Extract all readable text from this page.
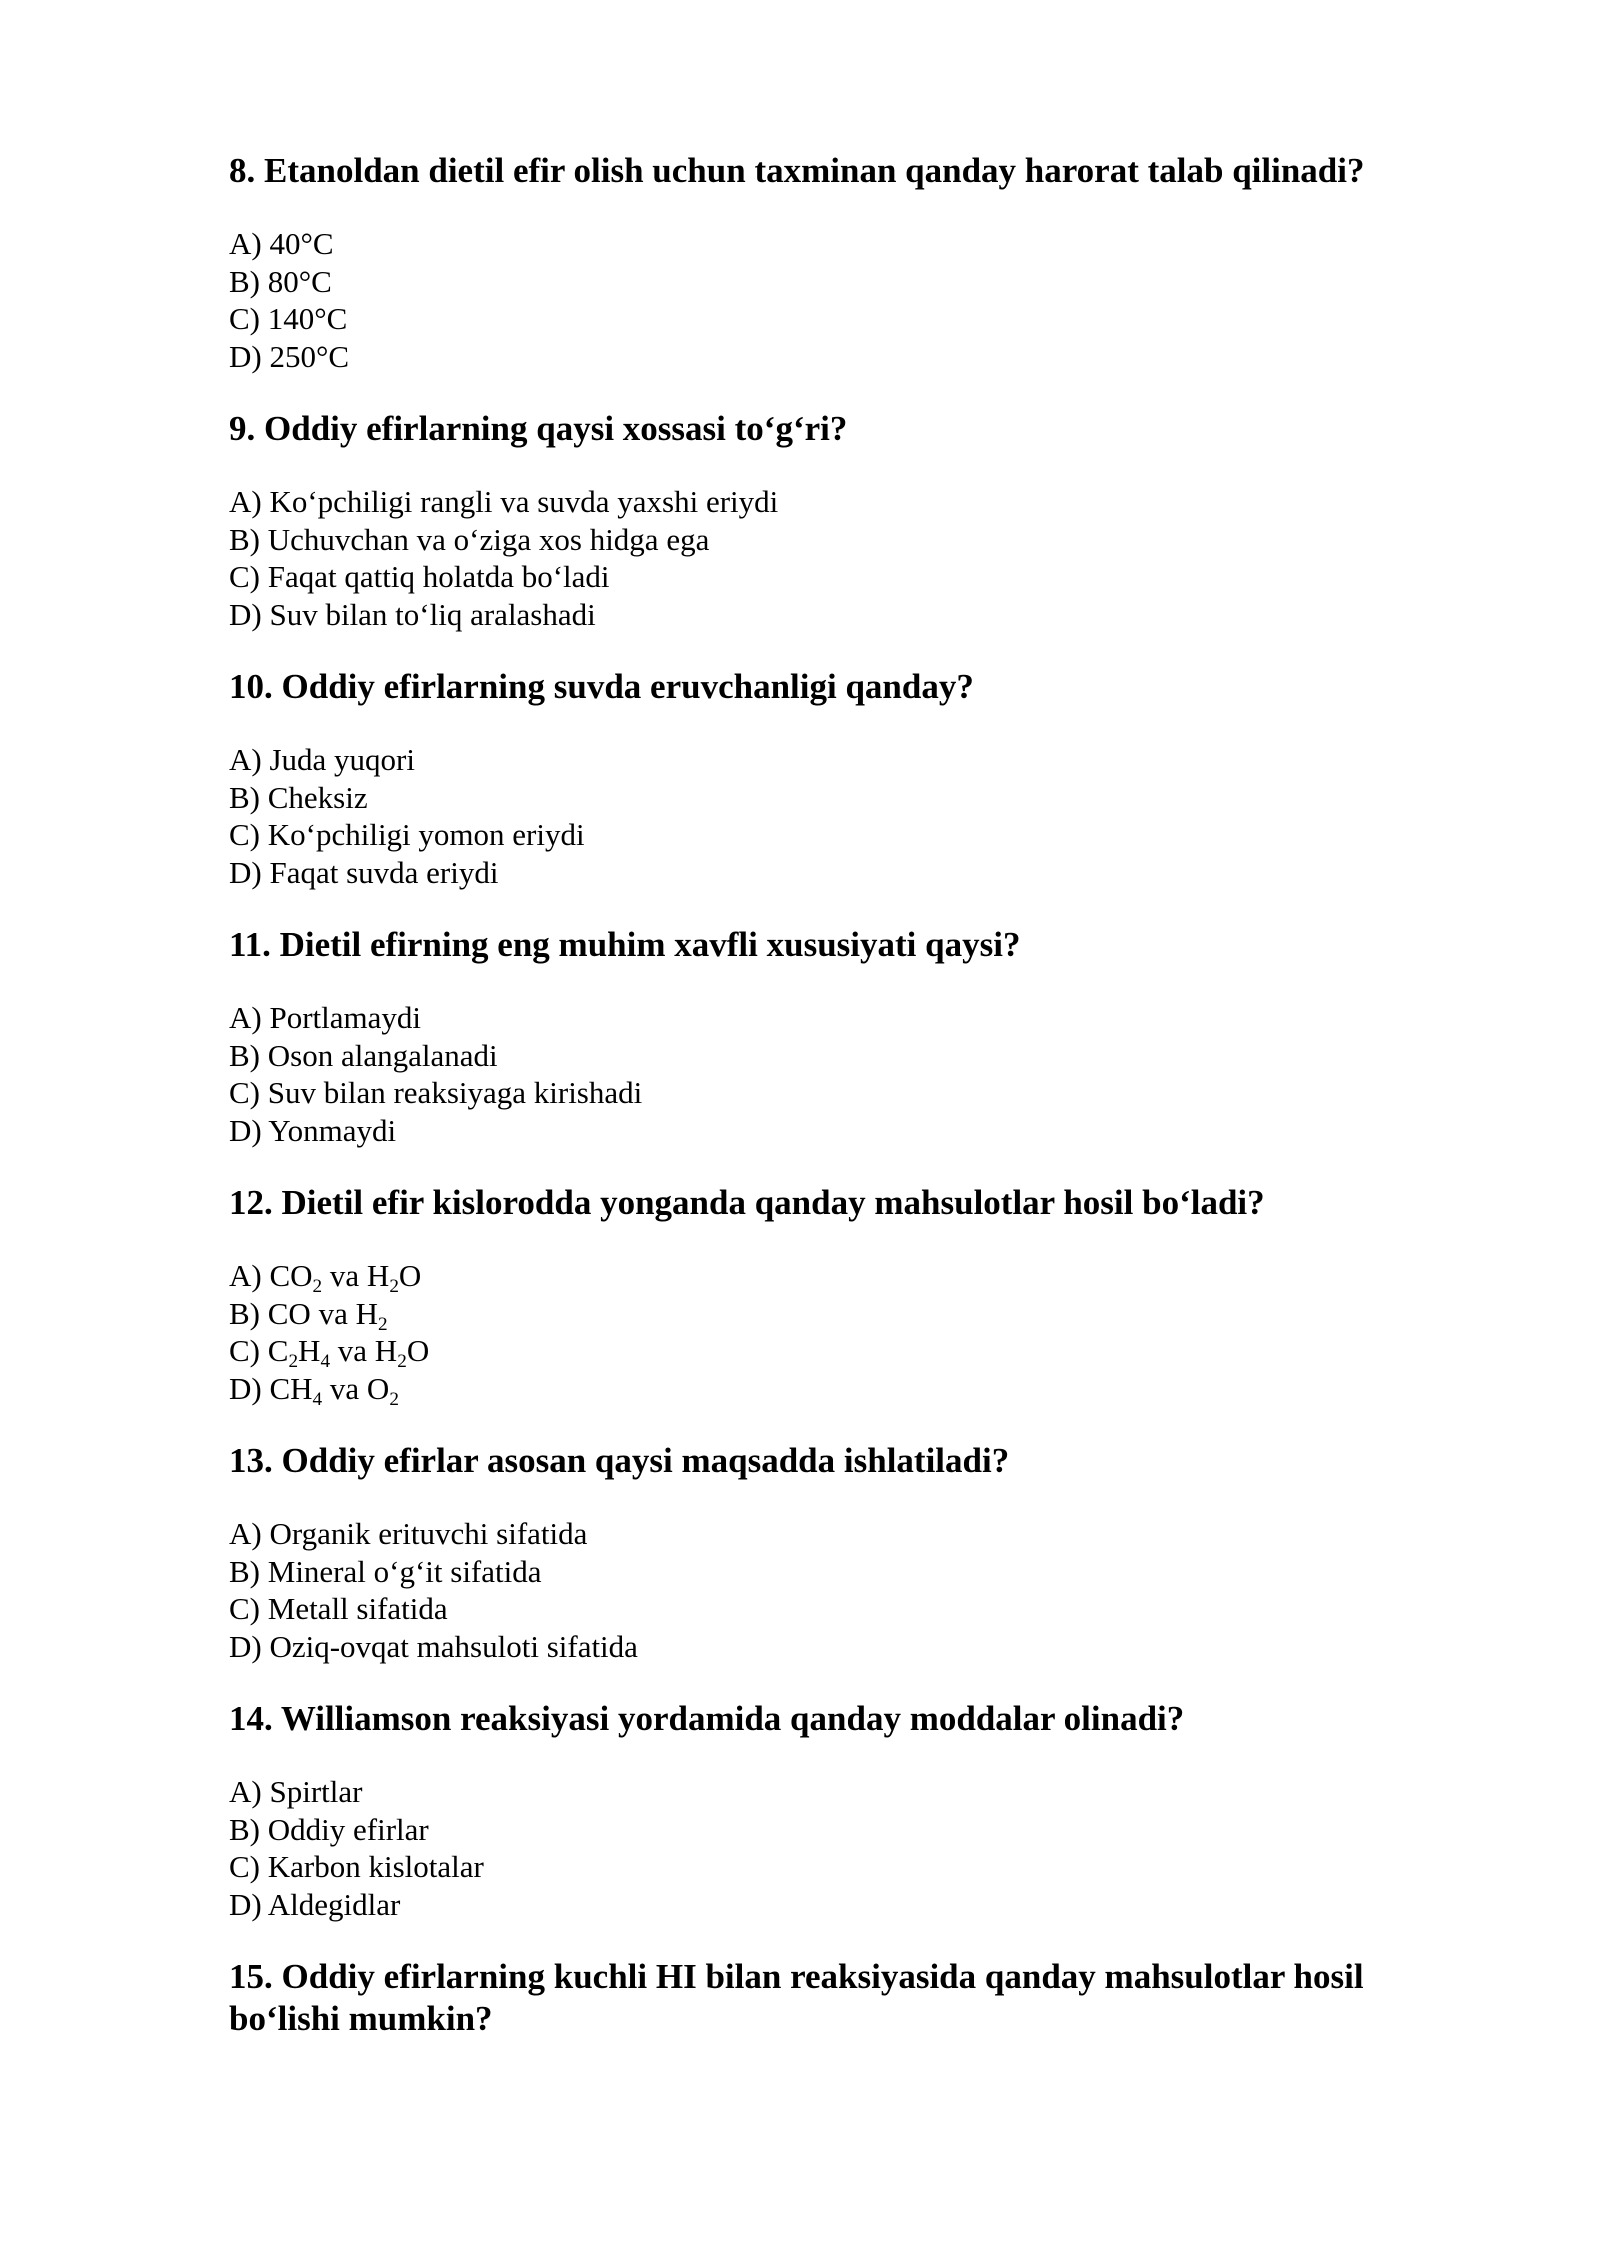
8. Etanoldan dietil efir olish uchun taxminan qanday harorat talab qilinadi?
A) 40°C
B) 80°C
C) 140°C
D) 250°C
9. Oddiy efirlarning qaysi xossasi to‘g‘ri?
A) Ko‘pchiligi rangli va suvda yaxshi eriydi
B) Uchuvchan va o‘ziga xos hidga ega
C) Faqat qattiq holatda bo‘ladi
D) Suv bilan to‘liq aralashadi
10. Oddiy efirlarning suvda eruvchanligi qanday?
A) Juda yuqori
B) Cheksiz
C) Ko‘pchiligi yomon eriydi
D) Faqat suvda eriydi
11. Dietil efirning eng muhim xavfli xususiyati qaysi?
A) Portlamaydi
B) Oson alangalanadi
C) Suv bilan reaksiyaga kirishadi
D) Yonmaydi
12. Dietil efir kislorodda yonganda qanday mahsulotlar hosil bo‘ladi?
A) $CO_2$ va $H_2O$
B) CO va $H_2$
C) $C_2H_4$ va $H_2O$
D) $CH_4$ va $O_2$
13. Oddiy efirlar asosan qaysi maqsadda ishlatiladi?
A) Organik erituvchi sifatida
B) Mineral o‘g‘it sifatida
C) Metall sifatida
D) Oziq-ovqat mahsuloti sifatida
14. Williamson reaksiyasi yordamida qanday moddalar olinadi?
A) Spirtlar
B) Oddiy efirlar
C) Karbon kislotalar
D) Aldegidlar
15. Oddiy efirlarning kuchli HI bilan reaksiyasida qanday mahsulotlar hosil bo‘lishi mumkin?
